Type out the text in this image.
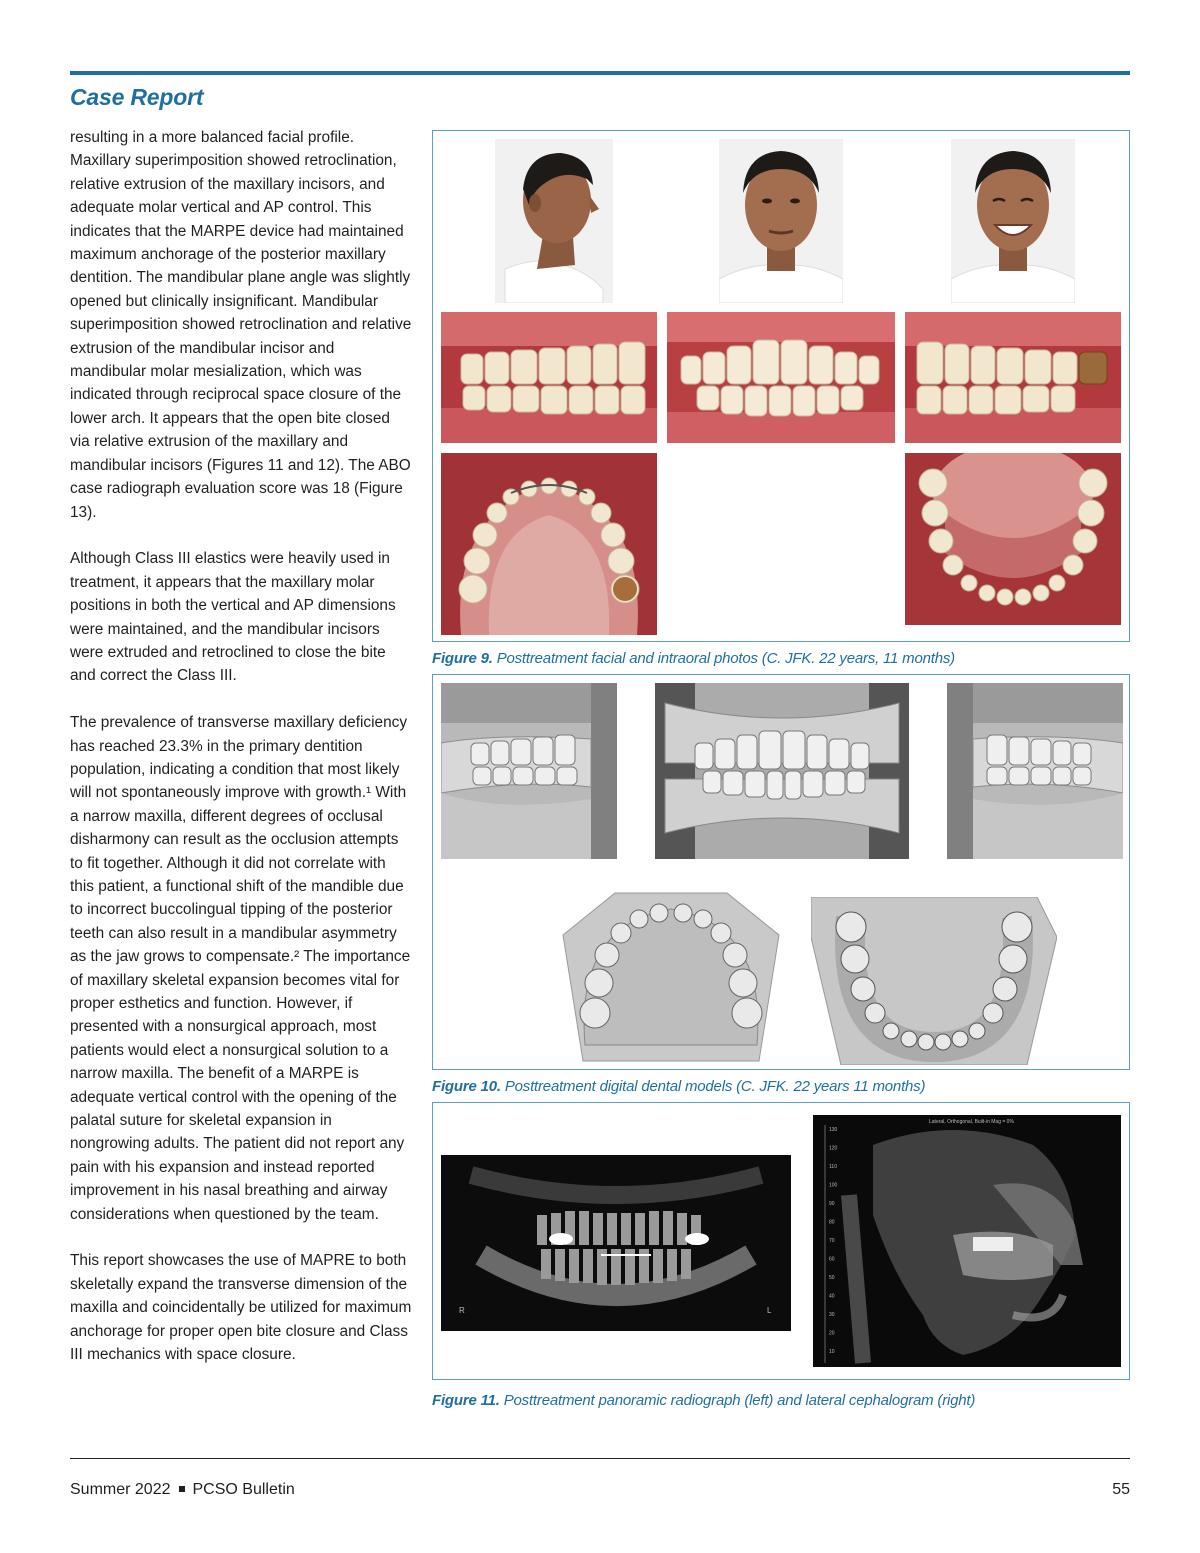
Case Report

resulting in a more balanced facial profile. Maxillary superimposition showed retroclination, relative extrusion of the maxillary incisors, and adequate molar vertical and AP control. This indicates that the MARPE device had maintained maximum anchorage of the posterior maxillary dentition. The mandibular plane angle was slightly opened but clinically insignificant. Mandibular superimposition showed retroclination and relative extrusion of the mandibular incisor and mandibular molar mesialization, which was indicated through reciprocal space closure of the lower arch. It appears that the open bite closed via relative extrusion of the maxillary and mandibular incisors (Figures 11 and 12). The ABO case radiograph evaluation score was 18 (Figure 13).

Although Class III elastics were heavily used in treatment, it appears that the maxillary molar positions in both the vertical and AP dimensions were maintained, and the mandibular incisors were extruded and retroclined to close the bite and correct the Class III.

The prevalence of transverse maxillary deficiency has reached 23.3% in the primary dentition population, indicating a condition that most likely will not spontaneously improve with growth.¹ With a narrow maxilla, different degrees of occlusal disharmony can result as the occlusion attempts to fit together. Although it did not correlate with this patient, a functional shift of the mandible due to incorrect buccolingual tipping of the posterior teeth can also result in a mandibular asymmetry as the jaw grows to compensate.² The importance of maxillary skeletal expansion becomes vital for proper esthetics and function. However, if presented with a nonsurgical approach, most patients would elect a nonsurgical solution to a narrow maxilla. The benefit of a MARPE is adequate vertical control with the opening of the palatal suture for skeletal expansion in nongrowing adults. The patient did not report any pain with his expansion and instead reported improvement in his nasal breathing and airway considerations when questioned by the team.

This report showcases the use of MAPRE to both skeletally expand the transverse dimension of the maxilla and coincidentally be utilized for maximum anchorage for proper open bite closure and Class III mechanics with space closure.

Figure 9. Posttreatment facial and intraoral photos (C. JFK. 22 years, 11 months)
Figure 10. Posttreatment digital dental models (C. JFK. 22 years 11 months)
R	L
Lateral, Orthogonal, Built-in Mag = 0%
130
120
110
100
90
80
70
60
50
40
30
20
10
Figure 11. Posttreatment panoramic radiograph (left) and lateral cephalogram (right)
Summer 2022 PCSO Bulletin	55
